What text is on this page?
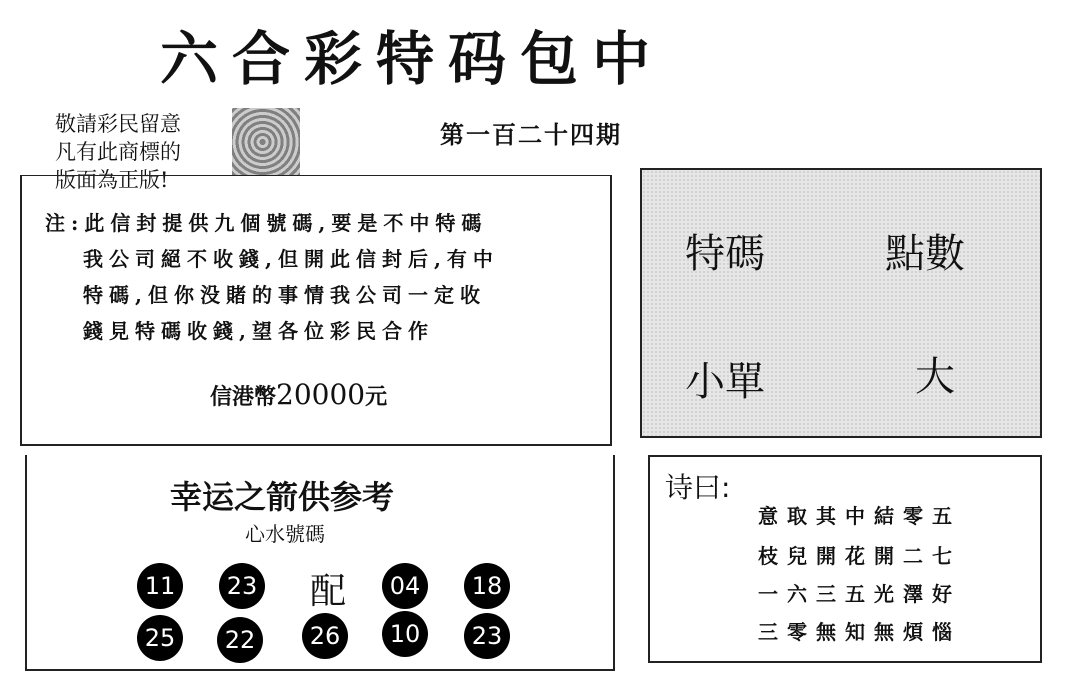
六合彩特码包中
敬請彩民留意
凡有此商標的
版面為正版!
第一百二十四期
注:此信封提供九個號碼,要是不中特碼
我公司絕不收錢,但開此信封后,有中
特碼,但你没賭的事情我公司一定收
錢見特碼收錢,望各位彩民合作
信港幣20000元
特碼	點數
小單	大
幸运之箭供参考
心水號碼
11	23 配	04	18
25	22	26	10	23
诗曰:
意取其中結零五
枝兒開花開二七
一六三五光澤好
三零無知無煩惱
